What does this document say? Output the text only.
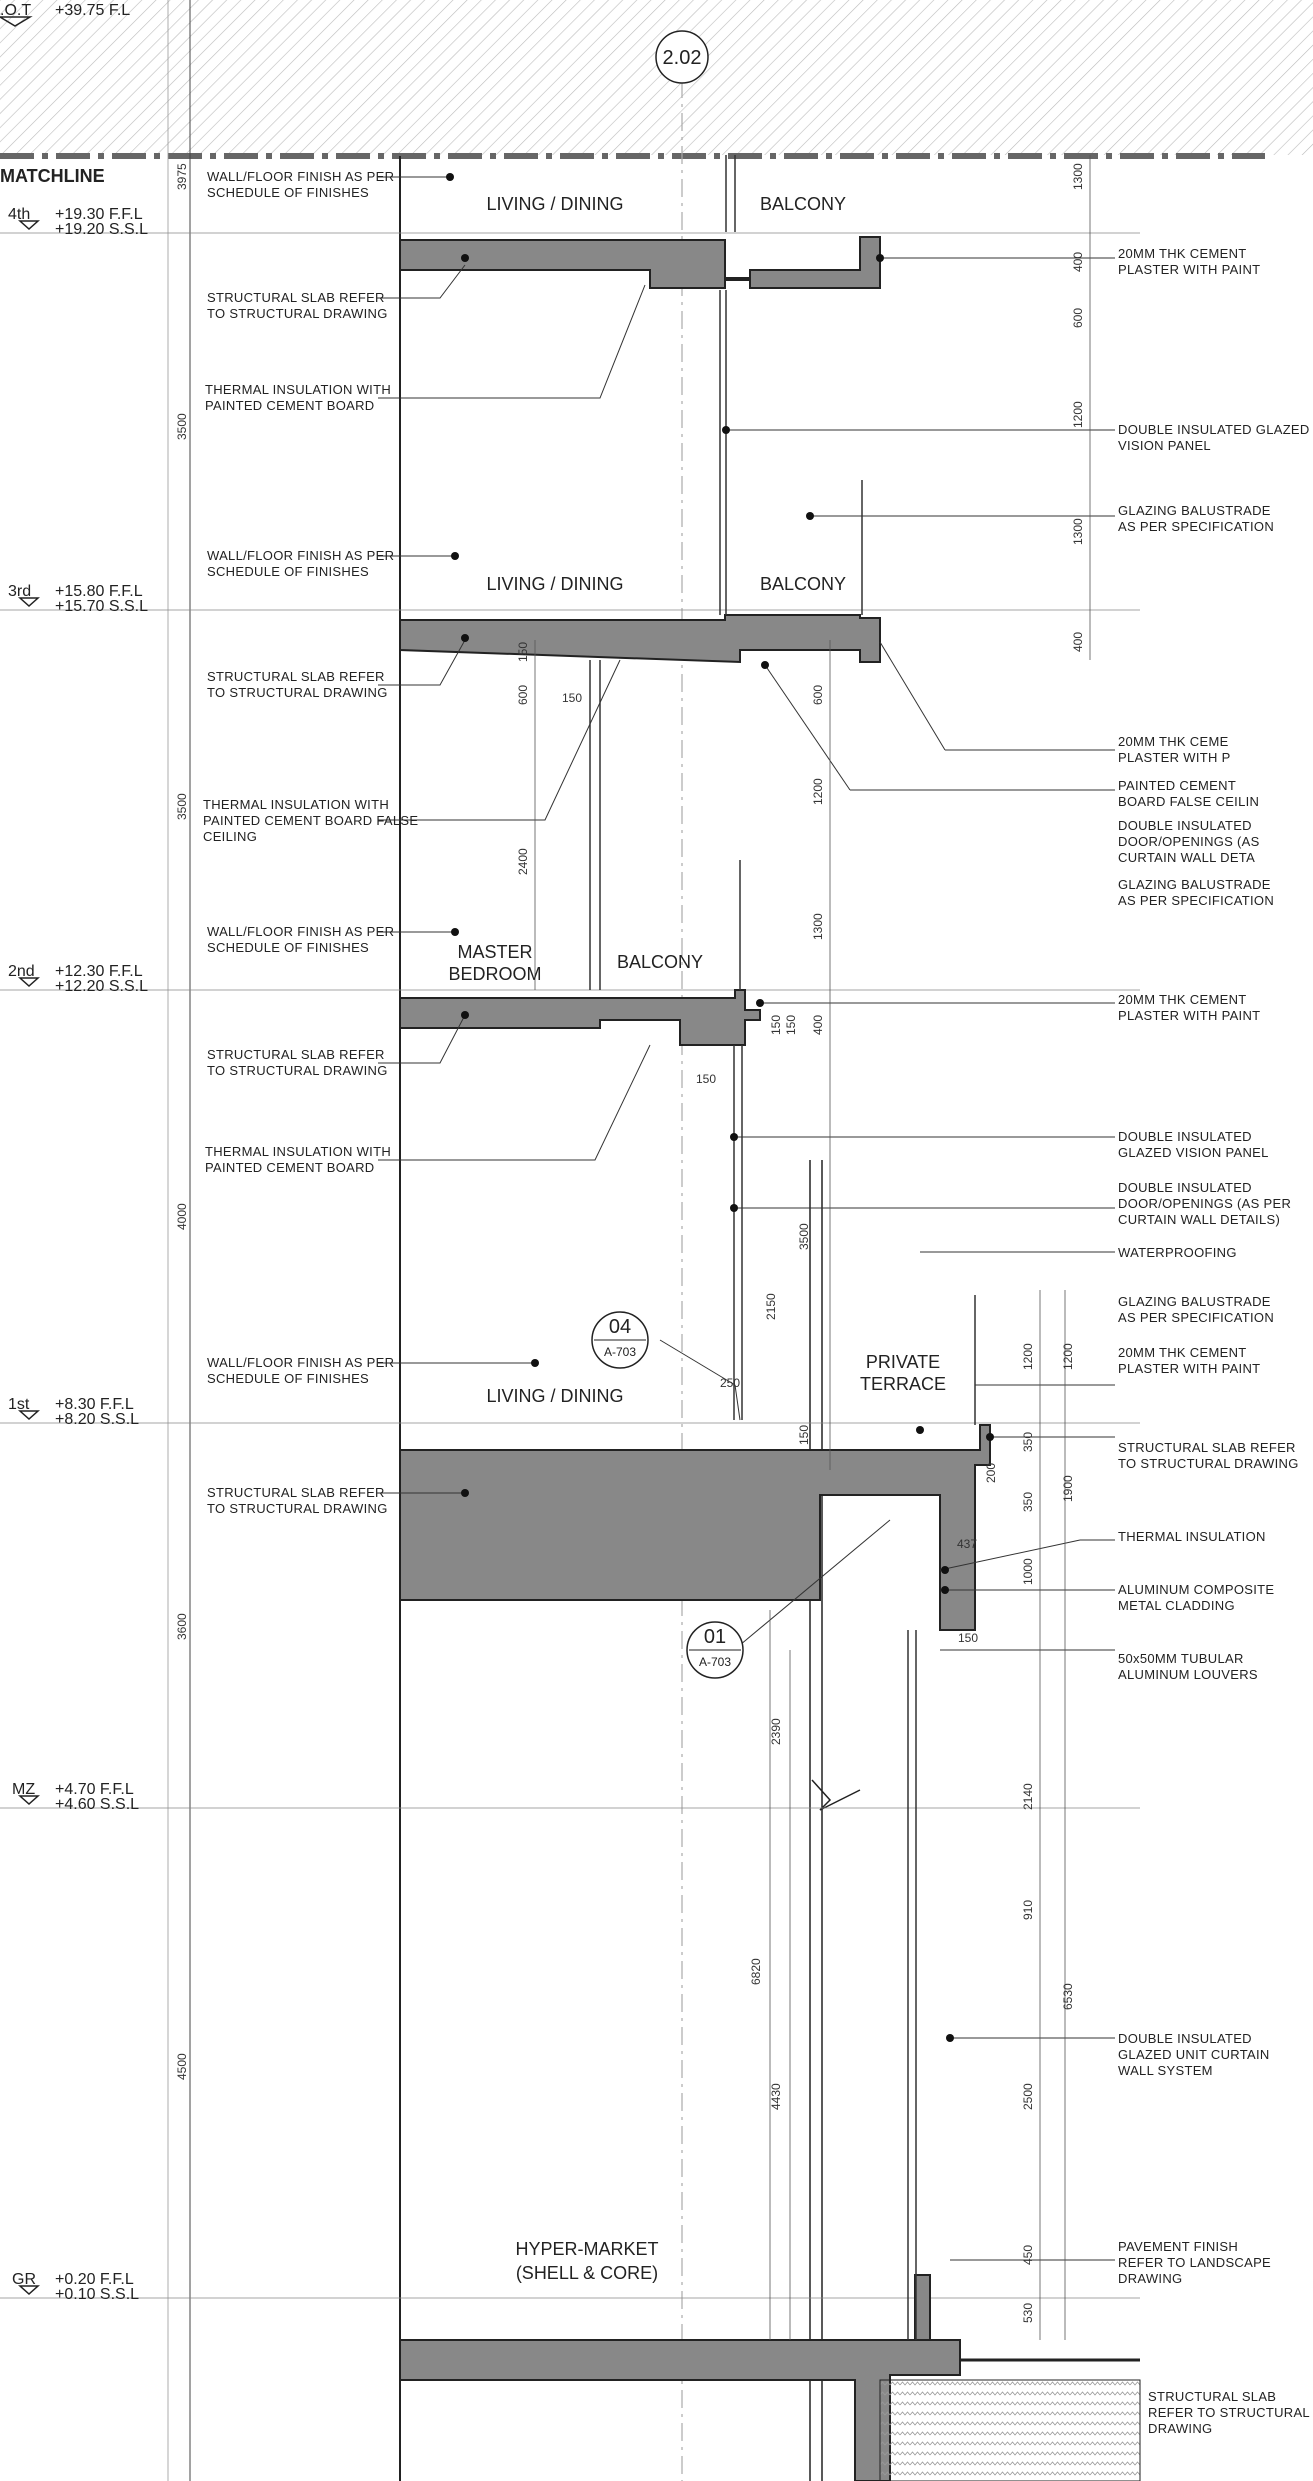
2.02
04
A-703
01
A-703
MATCHLINE
.O.T +39.75 F.L
4th +19.30 F.F.L
+19.20 S.S.L
3rd +15.80 F.F.L
+15.70 S.S.L
2nd +12.30 F.F.L
+12.20 S.S.L
1st +8.30 F.F.L
+8.20 S.S.L
MZ +4.70 F.F.L
+4.60 S.S.L
GR +0.20 F.F.L
+0.10 S.S.L
3975
3500
3500
4000
3600
4500
LIVING / DINING	BALCONY
LIVING / DINING	BALCONY
MASTER
BEDROOM
BALCONY
LIVING / DINING
PRIVATE
TERRACE
HYPER-MARKET
(SHELL & CORE)
WALL/FLOOR FINISH AS PER
SCHEDULE OF FINISHES
STRUCTURAL SLAB REFER
TO STRUCTURAL DRAWING
THERMAL INSULATION WITH
PAINTED CEMENT BOARD
WALL/FLOOR FINISH AS PER
SCHEDULE OF FINISHES
STRUCTURAL SLAB REFER
TO STRUCTURAL DRAWING
THERMAL INSULATION WITH
PAINTED CEMENT BOARD FALSE
CEILING
WALL/FLOOR FINISH AS PER
SCHEDULE OF FINISHES
STRUCTURAL SLAB REFER
TO STRUCTURAL DRAWING
THERMAL INSULATION WITH
PAINTED CEMENT BOARD
WALL/FLOOR FINISH AS PER
SCHEDULE OF FINISHES
STRUCTURAL SLAB REFER
TO STRUCTURAL DRAWING
20MM THK CEMENT
PLASTER WITH PAINT
DOUBLE INSULATED GLAZED
VISION PANEL
GLAZING BALUSTRADE
AS PER SPECIFICATION
20MM THK CEME
PLASTER WITH P
PAINTED CEMENT
BOARD FALSE CEILIN
DOUBLE INSULATED
DOOR/OPENINGS (AS
CURTAIN WALL DETA
GLAZING BALUSTRADE
AS PER SPECIFICATION
20MM THK CEMENT
PLASTER WITH PAINT
DOUBLE INSULATED
GLAZED VISION PANEL
DOUBLE INSULATED
DOOR/OPENINGS (AS PER
CURTAIN WALL DETAILS)
WATERPROOFING
GLAZING BALUSTRADE
AS PER SPECIFICATION
20MM THK CEMENT
PLASTER WITH PAINT
STRUCTURAL SLAB REFER
TO STRUCTURAL DRAWING
THERMAL INSULATION
ALUMINUM COMPOSITE
METAL CLADDING
50x50MM TUBULAR
ALUMINUM LOUVERS
DOUBLE INSULATED
GLAZED UNIT CURTAIN
WALL SYSTEM
PAVEMENT FINISH
REFER TO LANDSCAPE
DRAWING
STRUCTURAL SLAB
REFER TO STRUCTURAL
DRAWING
1300
400
600
1200
1300
400
600
1200
1300
150
600	150
2400
150 150 400
150
3500
2150
250
150
1200 1200
350
200
350 1900
437
1000
150
2390
2140
910
6820
4430	2500
6530
450
530
